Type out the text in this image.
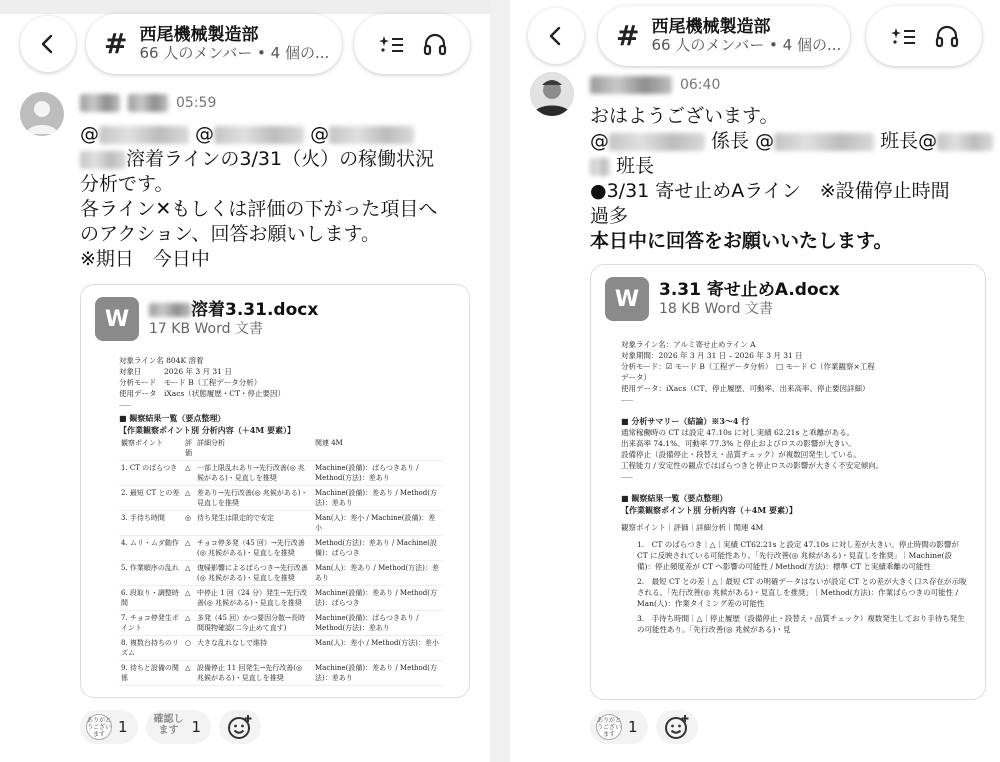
# 西尾機械製造部
66 人のメンバー • 4 個の...
05:59
@	@	@
溶着ラインの3/31（火）の稼働状況
分析です。
各ライン✕もしくは評価の下がった項目へ
のアクション、回答お願いします。
※期日　今日中
W	溶着3.31.docx
17 KB Word 文書
対象ライン名 804K 溶着
対象日　　　2026 年 3 月 31 日
分析モード　モード B（工程データ分析）
使用データ　iXacs（状態履歴・CT・停止要因）
■ 観察結果一覧（要点整理）
【作業観察ポイント別 分析内容（＋4M 要素）】
観察ポイント	評価	詳細分析	関連 4M
1. CT のばらつき	△	一部上限乱れあり→先行改善(◎ 兆候がある)・見直しを推奨	Machine(設備)：ばらつきあり / Method(方法)：差あり
2. 最短 CT との差	△	差あり→先行改善(◎ 兆候がある)・見直しを推奨	Machine(設備)：差あり / Method(方法)：差あり
3. 手待ち時間	◎	待ち発生は限定的で安定	Man(人)：差小 / Machine(設備)：差小
4. ムリ・ムダ動作	△	チョコ停多発（45 回）→先行改善(◎ 兆候がある)・見直しを推奨	Method(方法)：差あり / Machine(設備)：ばらつき
5. 作業順序の乱れ	△	復帰影響によるばらつき→先行改善(◎ 兆候がある)・見直しを推奨	Man(人)：差あり / Method(方法)：差あり
6. 段取り・調整時間	△	中停止 1 回（24 分）発生→先行改善(◎ 兆候がある)・見直しを推奨	Machine(設備)：差あり / Method(方法)：ばらつき
7. チョコ停発生ポイント	△	多発（45 回）かつ要因分散→長時間現物確認(二今止めて直す)	Machine(設備)：ばらつきあり / Method(方法)：差あり
8. 複数台持ちのリズム	○	大きな乱れなしで維持	Man(人)：差小 / Method(方法)：差小
9. 待ちと設備の関係	△	設備停止 11 回発生→先行改善(◎ 兆候がある)・見直しを推奨	Machine(設備)：差あり / Method(方法)：差あり
ありがとうございます 1	確認します 1
# 西尾機械製造部
66 人のメンバー • 4 個の...
06:40
おはようございます。
@	係長 @	班長@
班長
●3/31 寄せ止めAライン　※設備停止時間
過多
本日中に回答をお願いいたします。
W	3.31 寄せ止めA.docx
18 KB Word 文書
対象ライン名：アルミ寄せ止めライン A
対象期間：2026 年 3 月 31 日 – 2026 年 3 月 31 日
分析モード：☑ モード B（工程データ分析）　□ モード C（作業観察×工程
データ）
使用データ：iXacs（CT、停止履歴、可動率、出来高率、停止要因詳細）
■ 分析サマリー（結論）※3～4 行
通常稼働時の CT は設定 47.10s に対し実績 62.21s と乖離がある。
出来高率 74.1%、可動率 77.3% と停止およびロスの影響が大きい。
設備停止（設備停止・段替え・品質チェック）が複数回発生している。
工程能力 / 安定性の観点ではばらつきと停止ロスの影響が大きく不安定傾向。
■ 観察結果一覧（要点整理）
【作業観察ポイント別 分析内容（＋4M 要素）】
観察ポイント｜評価｜詳細分析｜関連 4M
1.　CT のばらつき｜△｜実績 CT62.21s と設定 47.10s に対し差が大きい。停止時間の影響が CT に反映されている可能性あり。「先行改善(◎ 兆候がある)・見直しを推奨」｜Machine(設備)：停止頻度差が CT へ影響の可能性 / Method(方法)：標準 CT と実績乖離の可能性
2.　最短 CT との差｜△｜最短 CT の明確データはないが設定 CT との差が大きく口ス存在が示唆される。「先行改善(◎ 兆候がある)・見直しを推奨」｜Method(方法)：作業ばらつきの可能性 / Man(人)：作業タイミング差の可能性
3.　手待ち時間｜△｜停止履歴（設備停止・段替え・品質チェック）複数発生しており手待ち発生の可能性あり。「先行改善(◎ 兆候がある)・見
ありがとうございます 1
